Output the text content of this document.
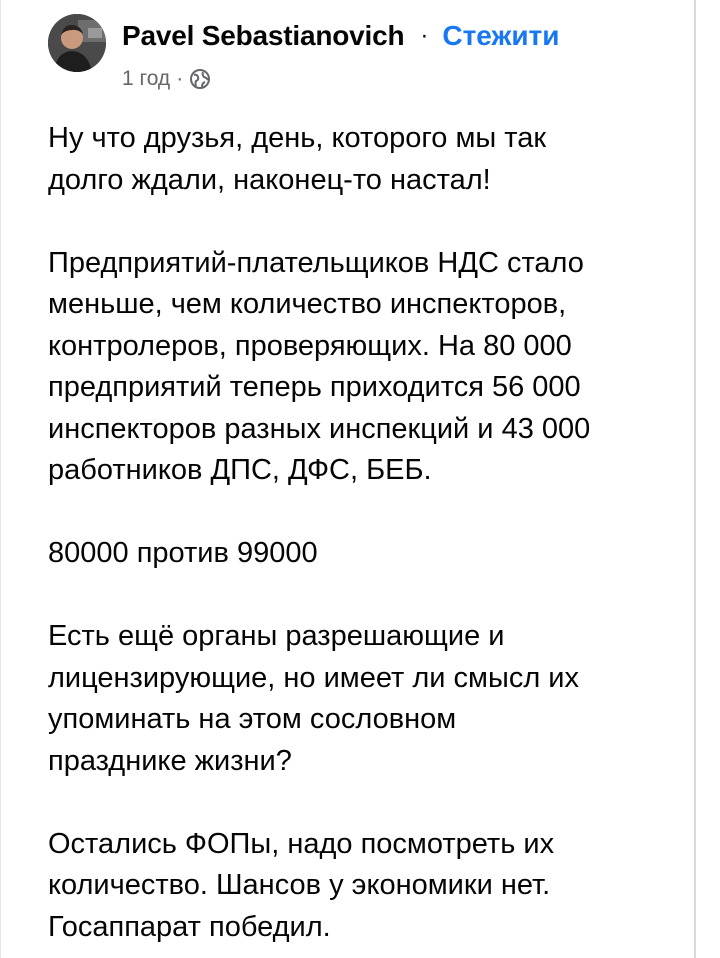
Pavel Sebastianovich · Стежити
1 год ·

Ну что друзья, день, которого мы так
долго ждали, наконец-то настал!

Предприятий-плательщиков НДС стало
меньше, чем количество инспекторов,
контролеров, проверяющих. На 80 000
предприятий теперь приходится 56 000
инспекторов разных инспекций и 43 000
работников ДПС, ДФС, БЕБ.

80000 против 99000

Есть ещё органы разрешающие и
лицензирующие, но имеет ли смысл их
упоминать на этом сословном
празднике жизни?

Остались ФОПы, надо посмотреть их
количество. Шансов у экономики нет.
Госаппарат победил.
